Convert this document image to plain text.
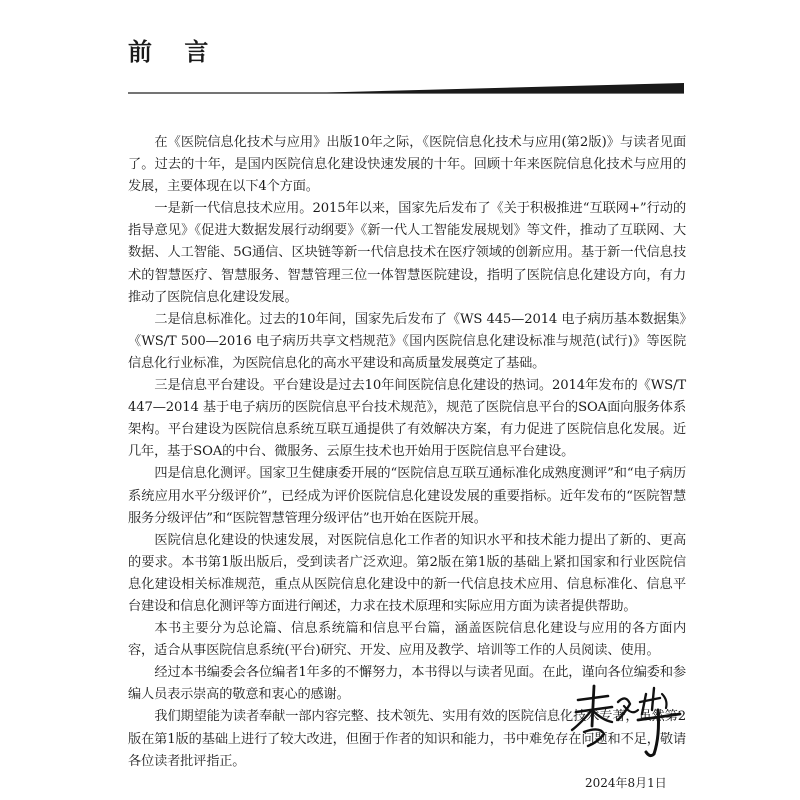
前 言

在《医院信息化技术与应用》出版10年之际，《医院信息化技术与应用(第2版)》与读者见面了。过去的十年，是国内医院信息化建设快速发展的十年。回顾十年来医院信息化技术与应用的发展，主要体现在以下4个方面。

一是新一代信息技术应用。2015年以来，国家先后发布了《关于积极推进“互联网+”行动的指导意见》《促进大数据发展行动纲要》《新一代人工智能发展规划》等文件，推动了互联网、大数据、人工智能、5G通信、区块链等新一代信息技术在医疗领域的创新应用。基于新一代信息技术的智慧医疗、智慧服务、智慧管理三位一体智慧医院建设，指明了医院信息化建设方向，有力推动了医院信息化建设发展。

二是信息标准化。过去的10年间，国家先后发布了《WS 445—2014 电子病历基本数据集》《WS/T 500—2016 电子病历共享文档规范》《国内医院信息化建设标准与规范(试行)》等医院信息化行业标准，为医院信息化的高水平建设和高质量发展奠定了基础。

三是信息平台建设。平台建设是过去10年间医院信息化建设的热词。2014年发布的《WS/T 447—2014 基于电子病历的医院信息平台技术规范》，规范了医院信息平台的SOA面向服务体系架构。平台建设为医院信息系统互联互通提供了有效解决方案，有力促进了医院信息化发展。近几年，基于SOA的中台、微服务、云原生技术也开始用于医院信息平台建设。

四是信息化测评。国家卫生健康委开展的“医院信息互联互通标准化成熟度测评”和“电子病历系统应用水平分级评价”，已经成为评价医院信息化建设发展的重要指标。近年发布的“医院智慧服务分级评估”和“医院智慧管理分级评估”也开始在医院开展。

医院信息化建设的快速发展，对医院信息化工作者的知识水平和技术能力提出了新的、更高的要求。本书第1版出版后，受到读者广泛欢迎。第2版在第1版的基础上紧扣国家和行业医院信息化建设相关标准规范，重点从医院信息化建设中的新一代信息技术应用、信息标准化、信息平台建设和信息化测评等方面进行阐述，力求在技术原理和实际应用方面为读者提供帮助。

本书主要分为总论篇、信息系统篇和信息平台篇，涵盖医院信息化建设与应用的各方面内容，适合从事医院信息系统(平台)研究、开发、应用及教学、培训等工作的人员阅读、使用。

经过本书编委会各位编者1年多的不懈努力，本书得以与读者见面。在此，谨向各位编委和参编人员表示崇高的敬意和衷心的感谢。

我们期望能为读者奉献一部内容完整、技术领先、实用有效的医院信息化技术专著，虽然第2版在第1版的基础上进行了较大改进，但囿于作者的知识和能力，书中难免存在问题和不足，敬请各位读者批评指正。

2024年8月1日
